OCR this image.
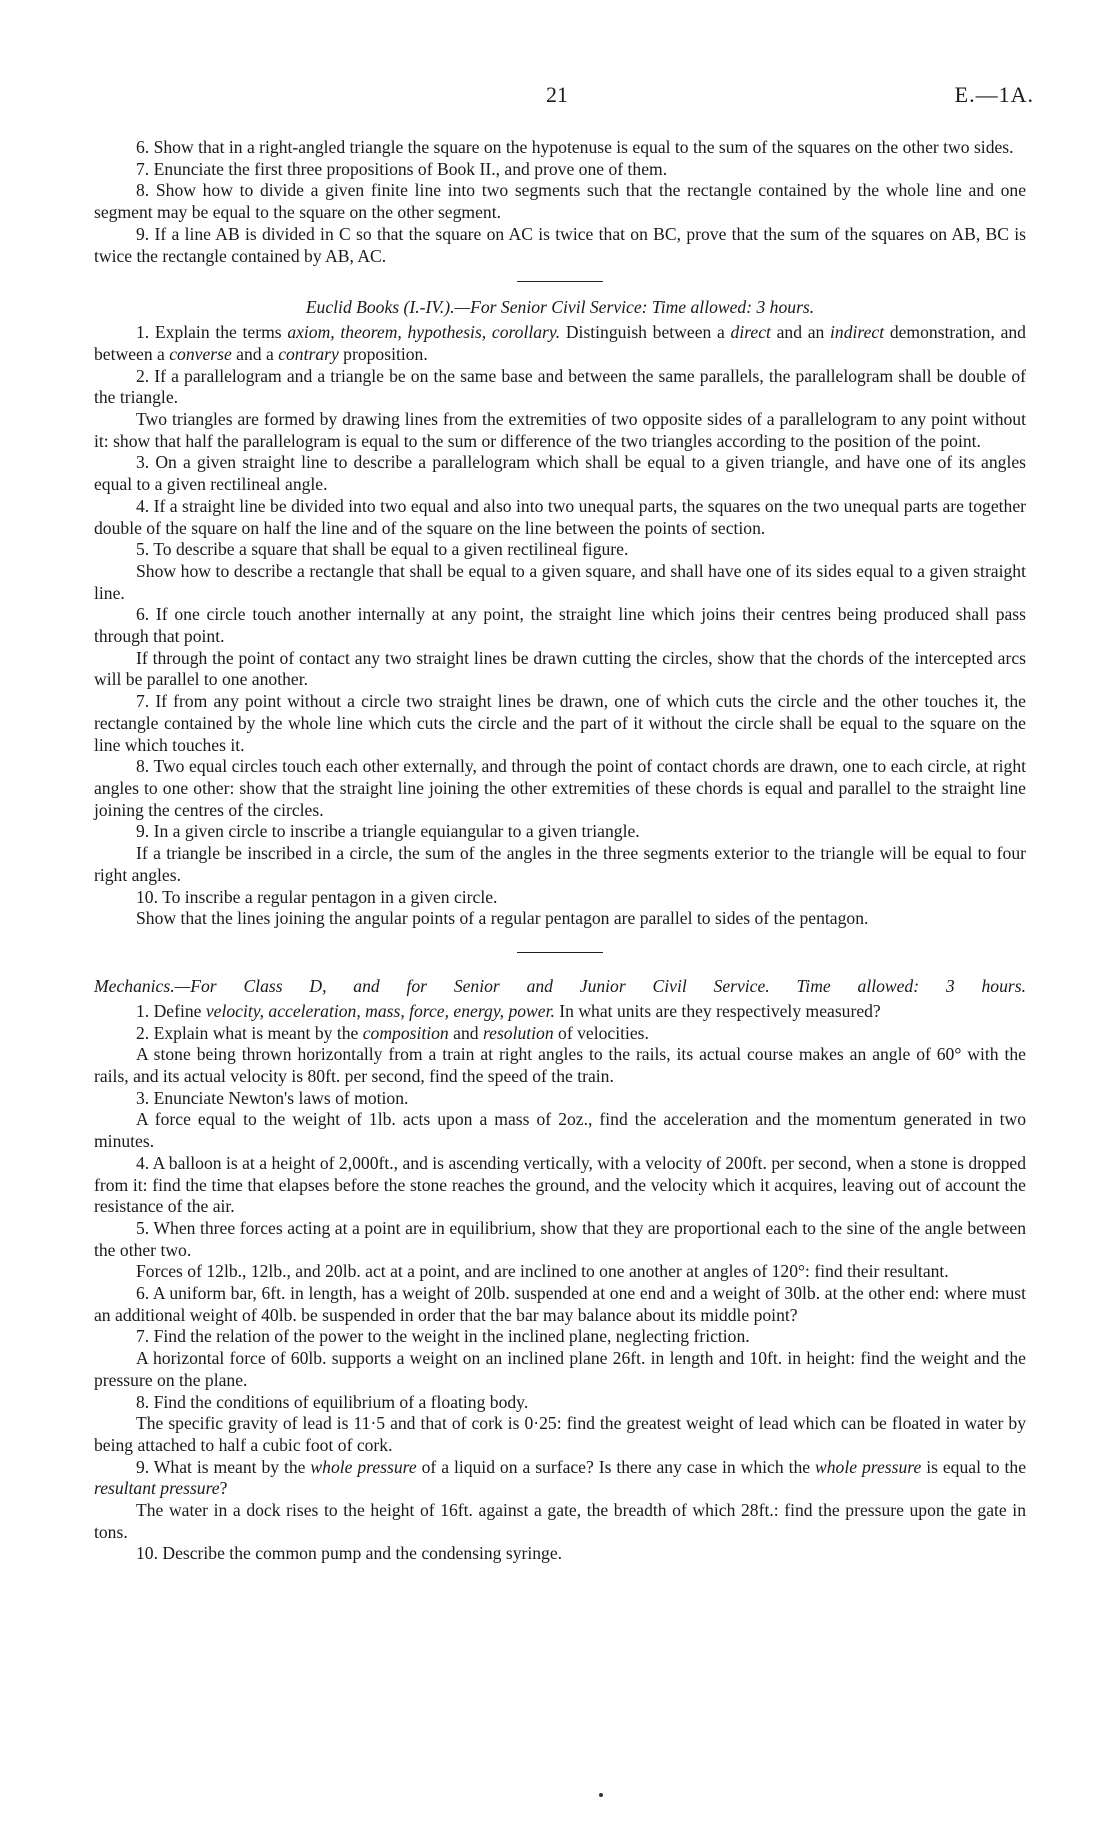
21	E.—1A.

6. Show that in a right-angled triangle the square on the hypotenuse is equal to the sum of the squares on the other two sides.

7. Enunciate the first three propositions of Book II., and prove one of them.

8. Show how to divide a given finite line into two segments such that the rectangle contained by the whole line and one segment may be equal to the square on the other segment.

9. If a line AB is divided in C so that the square on AC is twice that on BC, prove that the sum of the squares on AB, BC is twice the rectangle contained by AB, AC.

Euclid Books (I.-IV.).—For Senior Civil Service: Time allowed: 3 hours.

1. Explain the terms axiom, theorem, hypothesis, corollary. Distinguish between a direct and an indirect demonstration, and between a converse and a contrary proposition.

2. If a parallelogram and a triangle be on the same base and between the same parallels, the parallelogram shall be double of the triangle.

Two triangles are formed by drawing lines from the extremities of two opposite sides of a parallelogram to any point without it: show that half the parallelogram is equal to the sum or difference of the two triangles according to the position of the point.

3. On a given straight line to describe a parallelogram which shall be equal to a given triangle, and have one of its angles equal to a given rectilineal angle.

4. If a straight line be divided into two equal and also into two unequal parts, the squares on the two unequal parts are together double of the square on half the line and of the square on the line between the points of section.

5. To describe a square that shall be equal to a given rectilineal figure.

Show how to describe a rectangle that shall be equal to a given square, and shall have one of its sides equal to a given straight line.

6. If one circle touch another internally at any point, the straight line which joins their centres being produced shall pass through that point.

If through the point of contact any two straight lines be drawn cutting the circles, show that the chords of the intercepted arcs will be parallel to one another.

7. If from any point without a circle two straight lines be drawn, one of which cuts the circle and the other touches it, the rectangle contained by the whole line which cuts the circle and the part of it without the circle shall be equal to the square on the line which touches it.

8. Two equal circles touch each other externally, and through the point of contact chords are drawn, one to each circle, at right angles to one other: show that the straight line joining the other extremities of these chords is equal and parallel to the straight line joining the centres of the circles.

9. In a given circle to inscribe a triangle equiangular to a given triangle.

If a triangle be inscribed in a circle, the sum of the angles in the three segments exterior to the triangle will be equal to four right angles.

10. To inscribe a regular pentagon in a given circle.

Show that the lines joining the angular points of a regular pentagon are parallel to sides of the pentagon.

Mechanics.—For Class D, and for Senior and Junior Civil Service. Time allowed: 3 hours.

1. Define velocity, acceleration, mass, force, energy, power. In what units are they respectively measured?

2. Explain what is meant by the composition and resolution of velocities.

A stone being thrown horizontally from a train at right angles to the rails, its actual course makes an angle of 60° with the rails, and its actual velocity is 80ft. per second, find the speed of the train.

3. Enunciate Newton's laws of motion.

A force equal to the weight of 1lb. acts upon a mass of 2oz., find the acceleration and the momentum generated in two minutes.

4. A balloon is at a height of 2,000ft., and is ascending vertically, with a velocity of 200ft. per second, when a stone is dropped from it: find the time that elapses before the stone reaches the ground, and the velocity which it acquires, leaving out of account the resistance of the air.

5. When three forces acting at a point are in equilibrium, show that they are proportional each to the sine of the angle between the other two.

Forces of 12lb., 12lb., and 20lb. act at a point, and are inclined to one another at angles of 120°: find their resultant.

6. A uniform bar, 6ft. in length, has a weight of 20lb. suspended at one end and a weight of 30lb. at the other end: where must an additional weight of 40lb. be suspended in order that the bar may balance about its middle point?

7. Find the relation of the power to the weight in the inclined plane, neglecting friction.

A horizontal force of 60lb. supports a weight on an inclined plane 26ft. in length and 10ft. in height: find the weight and the pressure on the plane.

8. Find the conditions of equilibrium of a floating body.

The specific gravity of lead is 11·5 and that of cork is 0·25: find the greatest weight of lead which can be floated in water by being attached to half a cubic foot of cork.

9. What is meant by the whole pressure of a liquid on a surface? Is there any case in which the whole pressure is equal to the resultant pressure?

The water in a dock rises to the height of 16ft. against a gate, the breadth of which 28ft.: find the pressure upon the gate in tons.

10. Describe the common pump and the condensing syringe.
